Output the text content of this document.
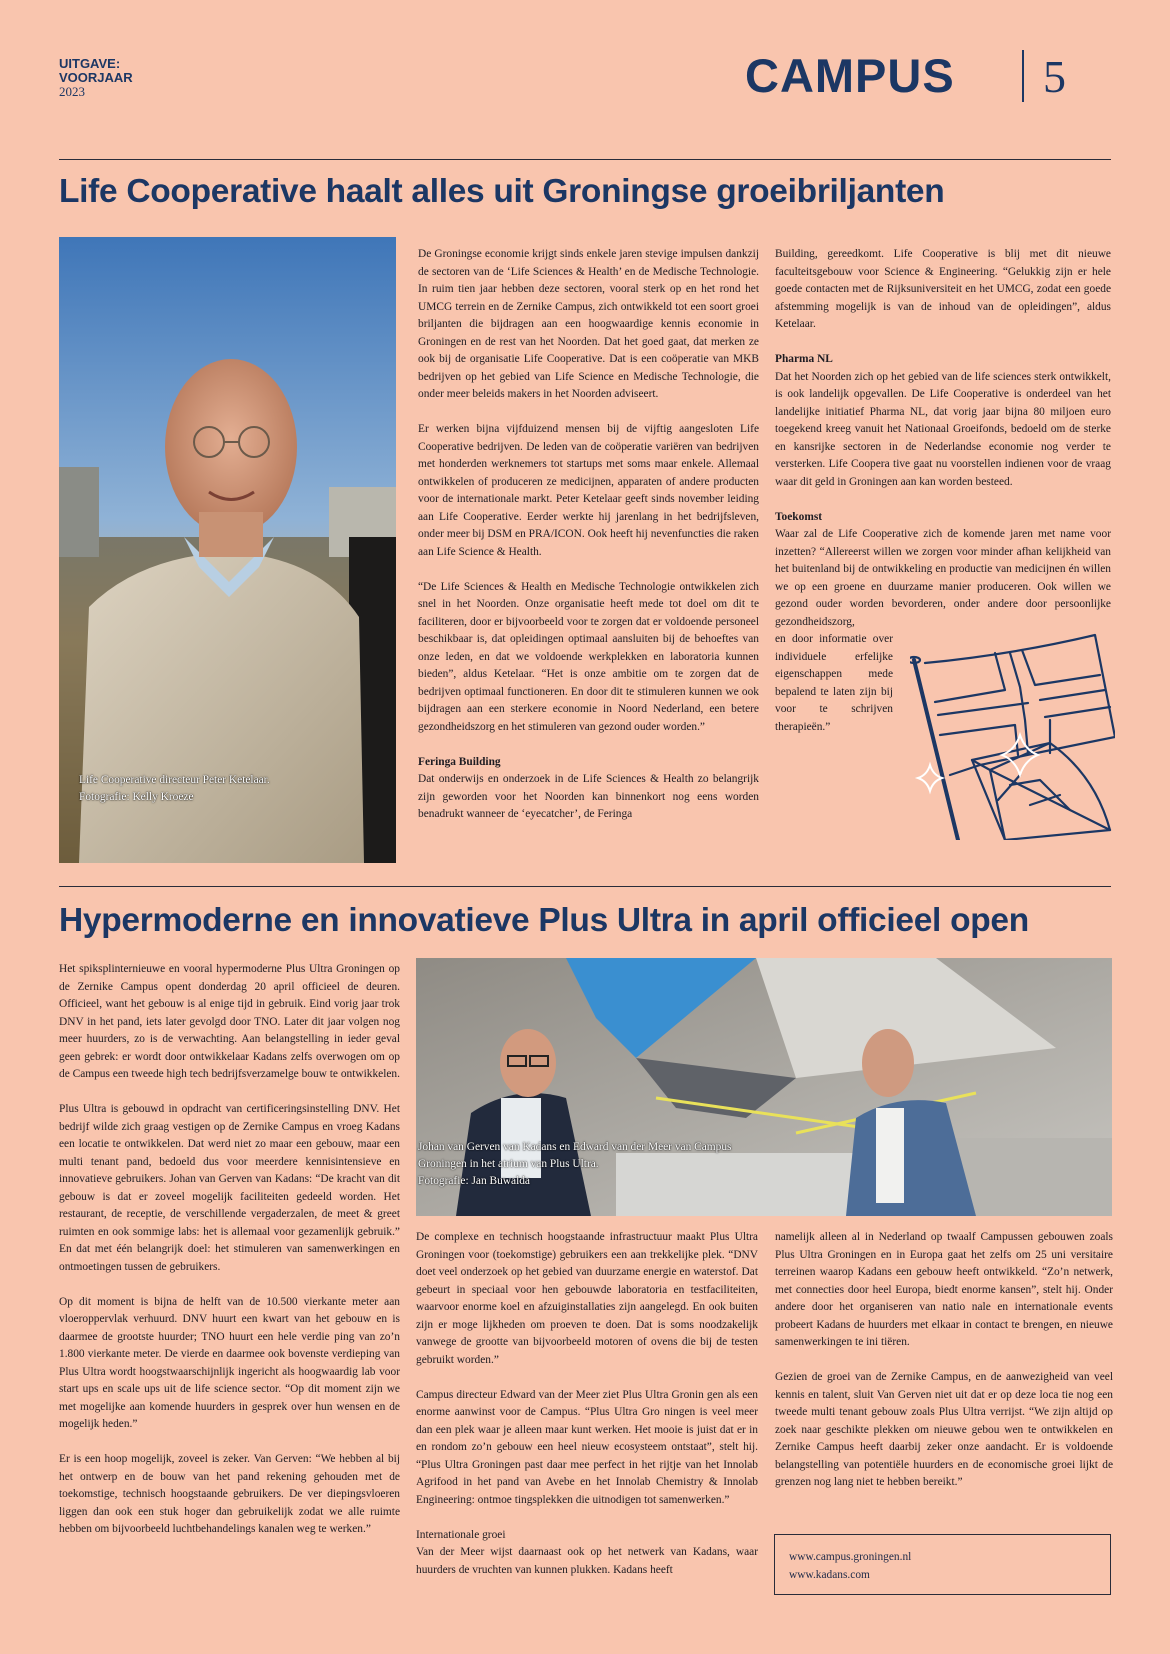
UITGAVE:
VOORJAAR
2023	CAMPUS 5
Life Cooperative haalt alles uit Groningse groeibriljanten
Life Cooperative directeur Peter Ketelaar.
Fotografie: Kelly Kroeze

De Groningse economie krijgt sinds enkele jaren stevige impulsen dankzij de sectoren van de ‘Life Sciences & Health’ en de Medische Technologie. In ruim tien jaar hebben deze sectoren, vooral sterk op en het rond het UMCG terrein en de Zernike Campus, zich ontwikkeld tot een soort groei briljanten die bijdragen aan een hoogwaardige kennis economie in Groningen en de rest van het Noorden. Dat het goed gaat, dat merken ze ook bij de organisatie Life Cooperative. Dat is een coöperatie van MKB bedrijven op het gebied van Life Science en Medische Technologie, die onder meer beleids makers in het Noorden adviseert.

Er werken bijna vijfduizend mensen bij de vijftig aangesloten Life Cooperative bedrijven. De leden van de coöperatie variëren van bedrijven met honderden werknemers tot startups met soms maar enkele. Allemaal ontwikkelen of produceren ze medicijnen, apparaten of andere producten voor de internationale markt. Peter Ketelaar geeft sinds november leiding aan Life Cooperative. Eerder werkte hij jarenlang in het bedrijfsleven, onder meer bij DSM en PRA/ICON. Ook heeft hij nevenfuncties die raken aan Life Science & Health.

“De Life Sciences & Health en Medische Technologie ontwikkelen zich snel in het Noorden. Onze organisatie heeft mede tot doel om dit te faciliteren, door er bijvoorbeeld voor te zorgen dat er voldoende personeel beschikbaar is, dat opleidingen optimaal aansluiten bij de behoeftes van onze leden, en dat we voldoende werkplekken en laboratoria kunnen bieden”, aldus Ketelaar. “Het is onze ambitie om te zorgen dat de bedrijven optimaal functioneren. En door dit te stimuleren kunnen we ook bijdragen aan een sterkere economie in Noord Nederland, een betere gezondheidszorg en het stimuleren van gezond ouder worden.”

Feringa Building

Dat onderwijs en onderzoek in de Life Sciences & Health zo belangrijk zijn geworden voor het Noorden kan binnenkort nog eens worden benadrukt wanneer de ‘eyecatcher’, de Feringa

Building, gereedkomt. Life Cooperative is blij met dit nieuwe faculteitsgebouw voor Science & Engineering. “Gelukkig zijn er hele goede contacten met de Rijksuniversiteit en het UMCG, zodat een goede afstemming mogelijk is van de inhoud van de opleidingen”, aldus Ketelaar.

Pharma NL

Dat het Noorden zich op het gebied van de life sciences sterk ontwikkelt, is ook landelijk opgevallen. De Life Cooperative is onderdeel van het landelijke initiatief Pharma NL, dat vorig jaar bijna 80 miljoen euro toegekend kreeg vanuit het Nationaal Groeifonds, bedoeld om de sterke en kansrijke sectoren in de Nederlandse economie nog verder te versterken. Life Coopera tive gaat nu voorstellen indienen voor de vraag waar dit geld in Groningen aan kan worden besteed.

Toekomst

Waar zal de Life Cooperative zich de komende jaren met name voor inzetten? “Allereerst willen we zorgen voor minder afhan kelijkheid van het buitenland bij de ontwikkeling en productie van medicijnen én willen we op een groene en duurzame manier produceren. Ook willen we gezond ouder worden bevorderen, onder andere door persoonlijke gezondheidszorg,

en door informatie over individuele erfelijke eigenschappen mede bepalend te laten zijn bij voor te schrijven therapieën.”

Hypermoderne en innovatieve Plus Ultra in april officieel open

Het spiksplinternieuwe en vooral hypermoderne Plus Ultra Groningen op de Zernike Campus opent donderdag 20 april officieel de deuren. Officieel, want het gebouw is al enige tijd in gebruik. Eind vorig jaar trok DNV in het pand, iets later gevolgd door TNO. Later dit jaar volgen nog meer huurders, zo is de verwachting. Aan belangstelling in ieder geval geen gebrek: er wordt door ontwikkelaar Kadans zelfs overwogen om op de Campus een tweede high tech bedrijfsverzamelge bouw te ontwikkelen.

Plus Ultra is gebouwd in opdracht van certificeringsinstelling DNV. Het bedrijf wilde zich graag vestigen op de Zernike Campus en vroeg Kadans een locatie te ontwikkelen. Dat werd niet zo maar een gebouw, maar een multi tenant pand, bedoeld dus voor meerdere kennisintensieve en innovatieve gebruikers. Johan van Gerven van Kadans: “De kracht van dit gebouw is dat er zoveel mogelijk faciliteiten gedeeld worden. Het restaurant, de receptie, de verschillende vergaderzalen, de meet & greet ruimten en ook sommige labs: het is allemaal voor gezamenlijk gebruik.” En dat met één belangrijk doel: het stimuleren van samenwerkingen en ontmoetingen tussen de gebruikers.

Op dit moment is bijna de helft van de 10.500 vierkante meter aan vloeroppervlak verhuurd. DNV huurt een kwart van het gebouw en is daarmee de grootste huurder; TNO huurt een hele verdie ping van zo’n 1.800 vierkante meter. De vierde en daarmee ook bovenste verdieping van Plus Ultra wordt hoogstwaarschijnlijk ingericht als hoogwaardig lab voor start ups en scale ups uit de life science sector. “Op dit moment zijn we met mogelijke aan komende huurders in gesprek over hun wensen en de mogelijk heden.”

Er is een hoop mogelijk, zoveel is zeker. Van Gerven: “We hebben al bij het ontwerp en de bouw van het pand rekening gehouden met de toekomstige, technisch hoogstaande gebruikers. De ver diepingsvloeren liggen dan ook een stuk hoger dan gebruikelijk zodat we alle ruimte hebben om bijvoorbeeld luchtbehandelings kanalen weg te werken.”

Johan van Gerven van Kadans en Edward van der Meer van Campus
Groningen in het atrium van Plus Ultra.
Fotografie: Jan Buwalda

De complexe en technisch hoogstaande infrastructuur maakt Plus Ultra Groningen voor (toekomstige) gebruikers een aan trekkelijke plek. “DNV doet veel onderzoek op het gebied van duurzame energie en waterstof. Dat gebeurt in speciaal voor hen gebouwde laboratoria en testfaciliteiten, waarvoor enorme koel en afzuiginstallaties zijn aangelegd. En ook buiten zijn er moge lijkheden om proeven te doen. Dat is soms noodzakelijk vanwege de grootte van bijvoorbeeld motoren of ovens die bij de testen gebruikt worden.”

Campus directeur Edward van der Meer ziet Plus Ultra Gronin gen als een enorme aanwinst voor de Campus. “Plus Ultra Gro ningen is veel meer dan een plek waar je alleen maar kunt werken. Het mooie is juist dat er in en rondom zo’n gebouw een heel nieuw ecosysteem ontstaat”, stelt hij. “Plus Ultra Groningen past daar mee perfect in het rijtje van het Innolab Agrifood in het pand van Avebe en het Innolab Chemistry & Innolab Engineering: ontmoe tingsplekken die uitnodigen tot samenwerken.”

Internationale groei

Van der Meer wijst daarnaast ook op het netwerk van Kadans, waar huurders de vruchten van kunnen plukken. Kadans heeft

namelijk alleen al in Nederland op twaalf Campussen gebouwen zoals Plus Ultra Groningen en in Europa gaat het zelfs om 25 uni versitaire terreinen waarop Kadans een gebouw heeft ontwikkeld. “Zo’n netwerk, met connecties door heel Europa, biedt enorme kansen”, stelt hij. Onder andere door het organiseren van natio nale en internationale events probeert Kadans de huurders met elkaar in contact te brengen, en nieuwe samenwerkingen te ini tiëren.

Gezien de groei van de Zernike Campus, en de aanwezigheid van veel kennis en talent, sluit Van Gerven niet uit dat er op deze loca tie nog een tweede multi tenant gebouw zoals Plus Ultra verrijst. “We zijn altijd op zoek naar geschikte plekken om nieuwe gebou wen te ontwikkelen en Zernike Campus heeft daarbij zeker onze aandacht. Er is voldoende belangstelling van potentiële huurders en de economische groei lijkt de grenzen nog lang niet te hebben bereikt.”

www.campus.groningen.nl
www.kadans.com
